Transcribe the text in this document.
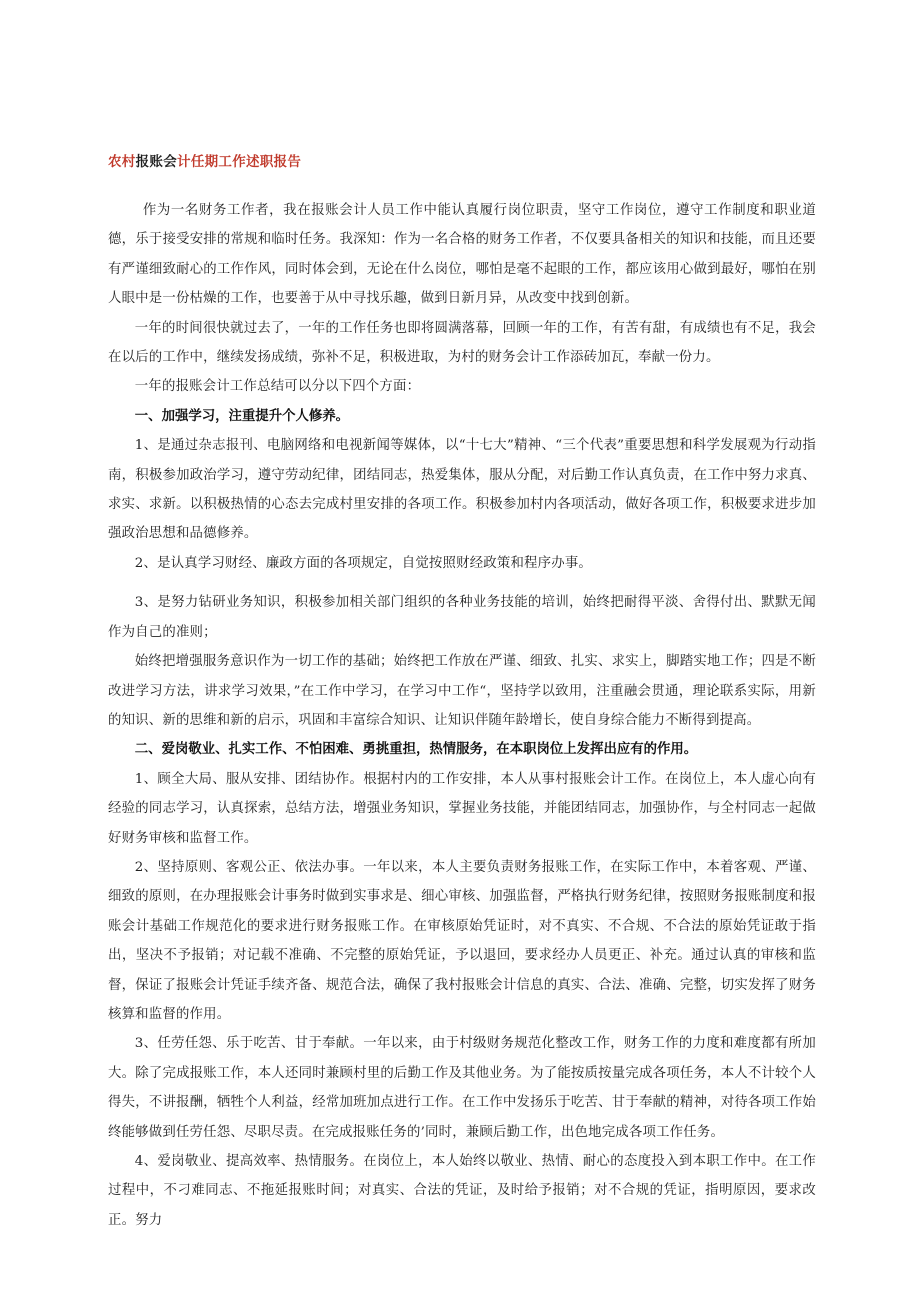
农村报账会计任期工作述职报告

作为一名财务工作者，我在报账会计人员工作中能认真履行岗位职责，坚守工作岗位，遵守工作制度和职业道德，乐于接受安排的常规和临时任务。我深知：作为一名合格的财务工作者，不仅要具备相关的知识和技能，而且还要有严谨细致耐心的工作作风，同时体会到，无论在什么岗位，哪怕是毫不起眼的工作，都应该用心做到最好，哪怕在别人眼中是一份枯燥的工作，也要善于从中寻找乐趣，做到日新月异，从改变中找到创新。

一年的时间很快就过去了，一年的工作任务也即将圆满落幕，回顾一年的工作，有苦有甜，有成绩也有不足，我会在以后的工作中，继续发扬成绩，弥补不足，积极进取，为村的财务会计工作添砖加瓦，奉献一份力。

一年的报账会计工作总结可以分以下四个方面：

一、加强学习，注重提升个人修养。

1、是通过杂志报刊、电脑网络和电视新闻等媒体，以“十七大”精神、“三个代表”重要思想和科学发展观为行动指南，积极参加政治学习，遵守劳动纪律，团结同志，热爱集体，服从分配，对后勤工作认真负责，在工作中努力求真、求实、求新。以积极热情的心态去完成村里安排的各项工作。积极参加村内各项活动，做好各项工作，积极要求进步加强政治思想和品德修养。

2、是认真学习财经、廉政方面的各项规定，自觉按照财经政策和程序办事。

3、是努力钻研业务知识，积极参加相关部门组织的各种业务技能的培训，始终把耐得平淡、舍得付出、默默无闻作为自己的准则；

始终把增强服务意识作为一切工作的基础；始终把工作放在严谨、细致、扎实、求实上，脚踏实地工作；四是不断改进学习方法，讲求学习效果，”在工作中学习，在学习中工作“，坚持学以致用，注重融会贯通，理论联系实际，用新的知识、新的思维和新的启示，巩固和丰富综合知识、让知识伴随年龄增长，使自身综合能力不断得到提高。

二、爱岗敬业、扎实工作、不怕困难、勇挑重担，热情服务，在本职岗位上发挥出应有的作用。

1、顾全大局、服从安排、团结协作。根据村内的工作安排，本人从事村报账会计工作。在岗位上，本人虚心向有经验的同志学习，认真探索，总结方法，增强业务知识，掌握业务技能，并能团结同志，加强协作，与全村同志一起做好财务审核和监督工作。

2、坚持原则、客观公正、依法办事。一年以来，本人主要负责财务报账工作，在实际工作中，本着客观、严谨、细致的原则，在办理报账会计事务时做到实事求是、细心审核、加强监督，严格执行财务纪律，按照财务报账制度和报账会计基础工作规范化的要求进行财务报账工作。在审核原始凭证时，对不真实、不合规、不合法的原始凭证敢于指出，坚决不予报销；对记载不准确、不完整的原始凭证，予以退回，要求经办人员更正、补充。通过认真的审核和监督，保证了报账会计凭证手续齐备、规范合法，确保了我村报账会计信息的真实、合法、准确、完整，切实发挥了财务核算和监督的作用。

3、任劳任怨、乐于吃苦、甘于奉献。一年以来，由于村级财务规范化整改工作，财务工作的力度和难度都有所加大。除了完成报账工作，本人还同时兼顾村里的后勤工作及其他业务。为了能按质按量完成各项任务，本人不计较个人得失，不讲报酬，牺牲个人利益，经常加班加点进行工作。在工作中发扬乐于吃苦、甘于奉献的精神，对待各项工作始终能够做到任劳任怨、尽职尽责。在完成报账任务的’同时，兼顾后勤工作，出色地完成各项工作任务。

4、爱岗敬业、提高效率、热情服务。在岗位上，本人始终以敬业、热情、耐心的态度投入到本职工作中。在工作过程中，不刁难同志、不拖延报账时间；对真实、合法的凭证，及时给予报销；对不合规的凭证，指明原因，要求改正。努力
